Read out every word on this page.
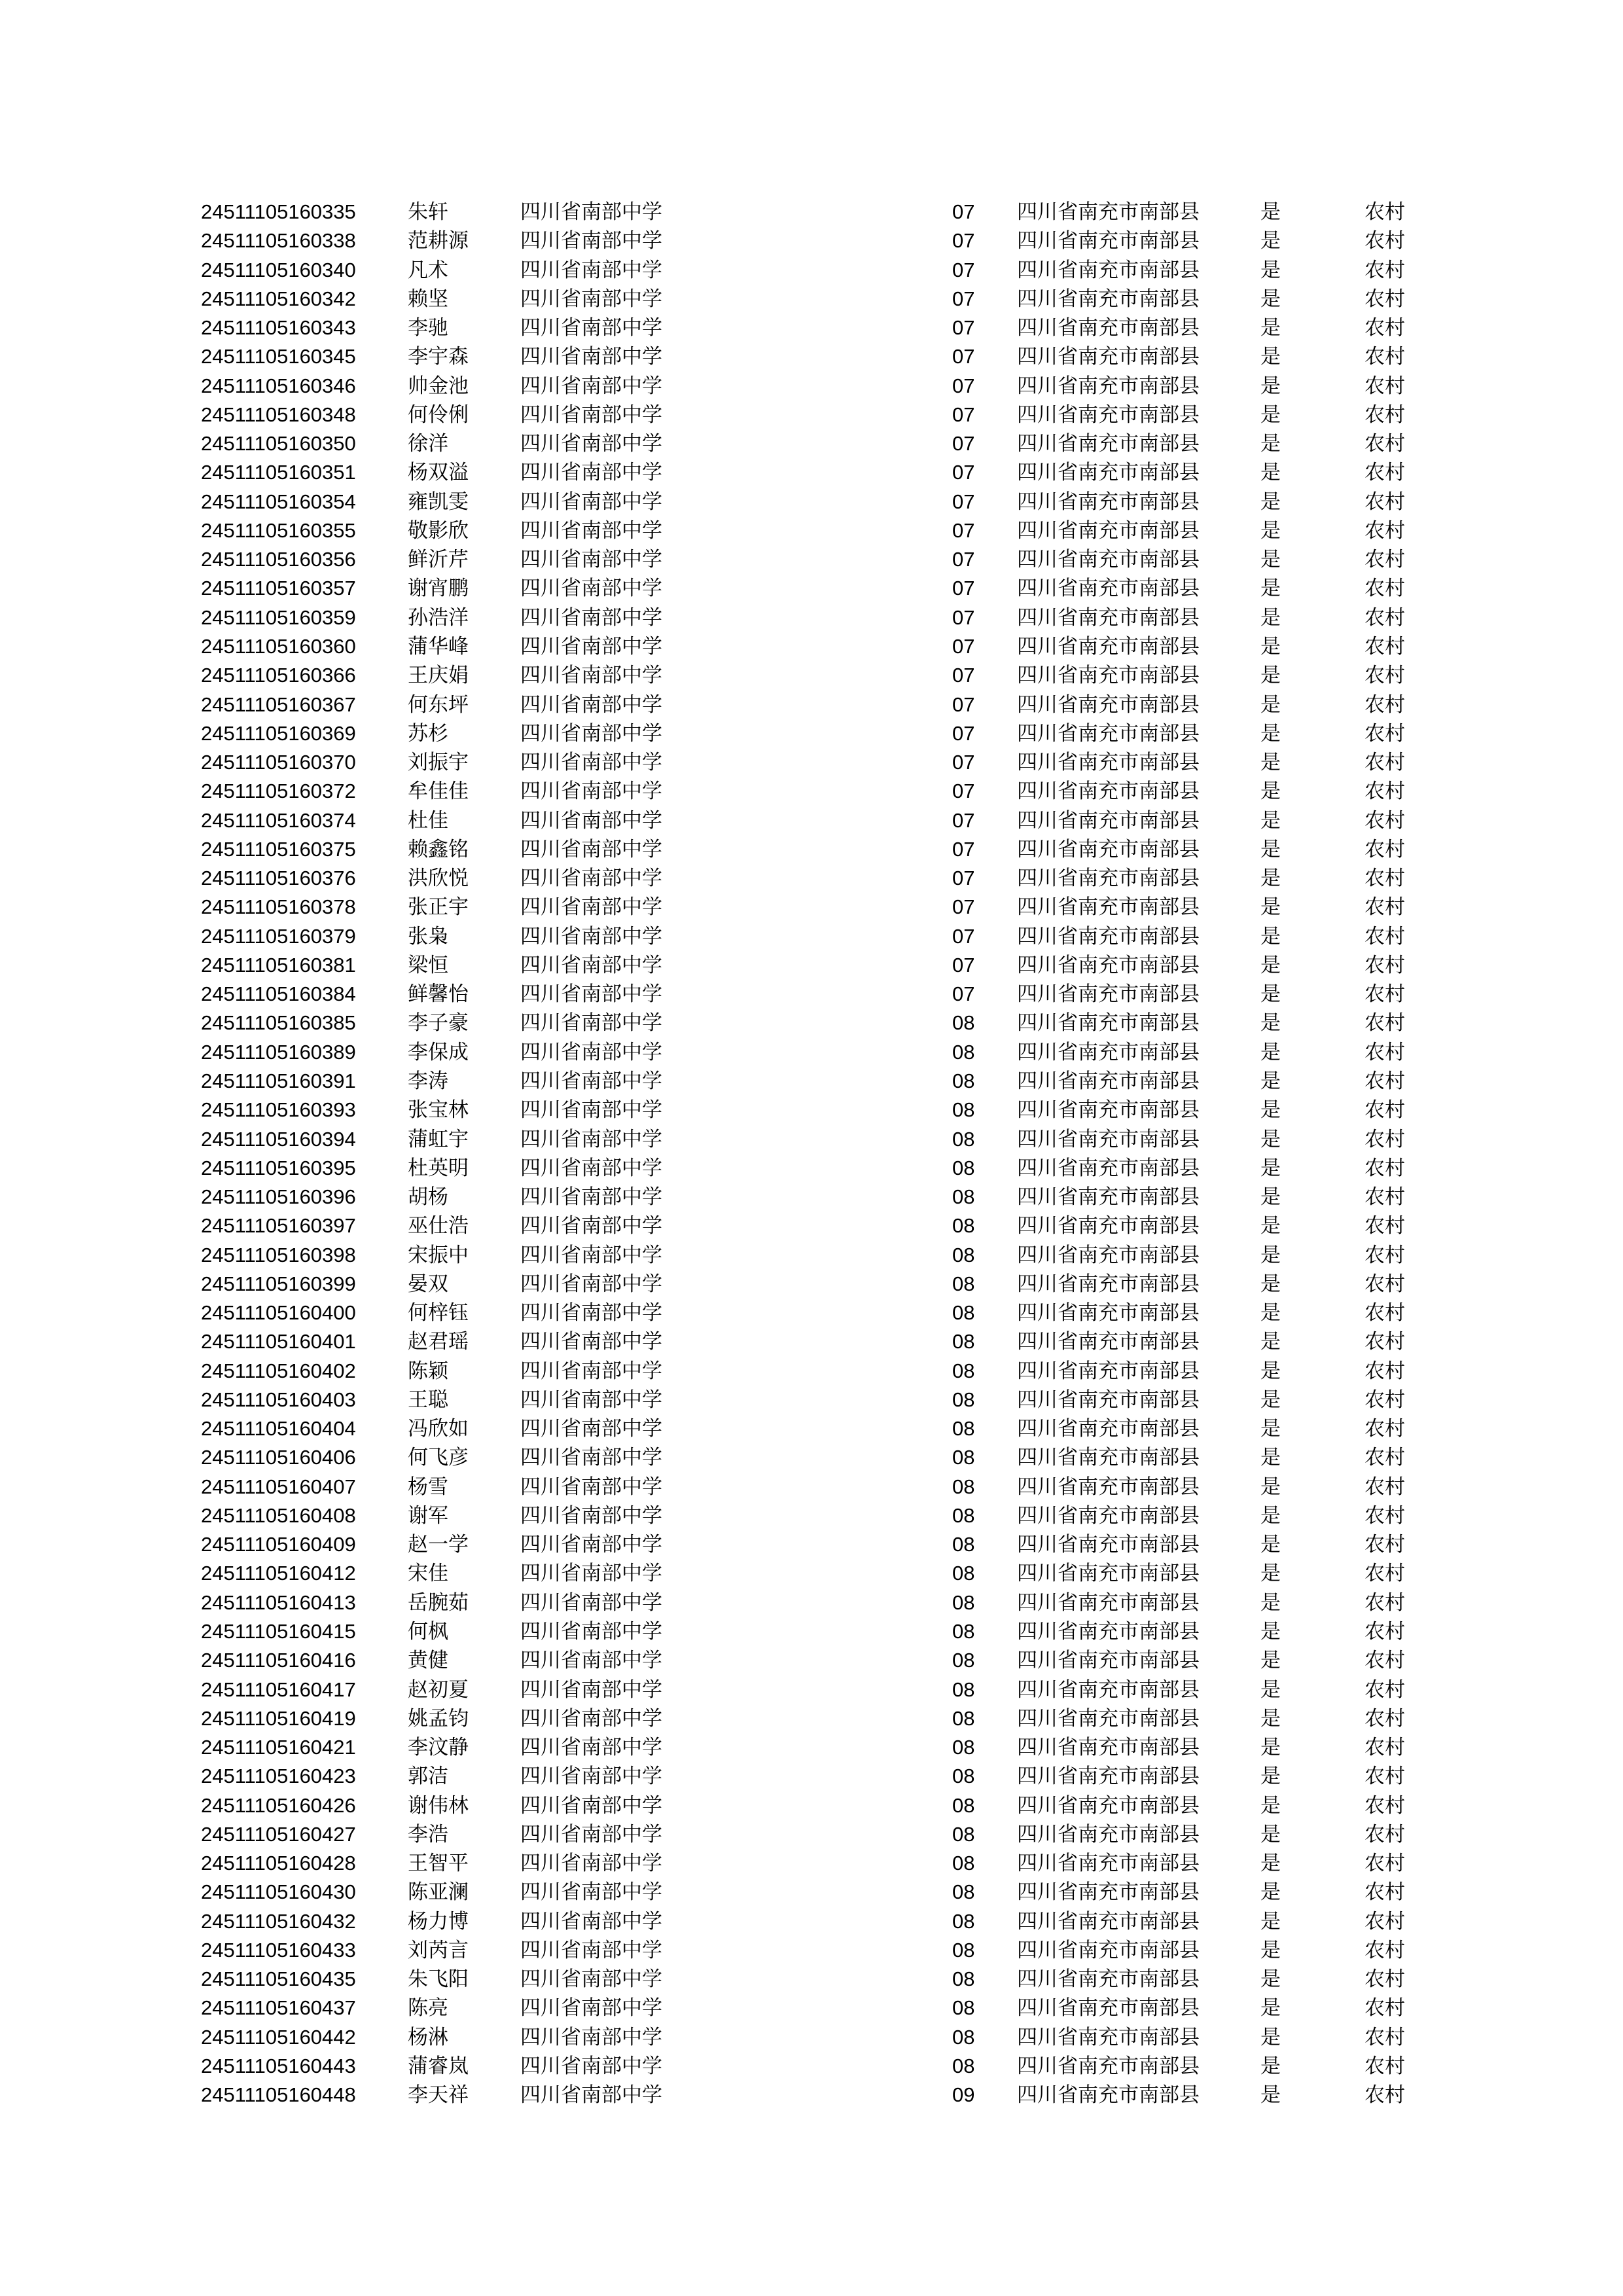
24511105160335	朱轩	四川省南部中学	07 四川省南充市南部县	是	农村
24511105160338	范耕源	四川省南部中学	07 四川省南充市南部县	是	农村
24511105160340	凡术	四川省南部中学	07 四川省南充市南部县	是	农村
24511105160342	赖坚	四川省南部中学	07 四川省南充市南部县	是	农村
24511105160343	李驰	四川省南部中学	07 四川省南充市南部县	是	农村
24511105160345	李宇森	四川省南部中学	07 四川省南充市南部县	是	农村
24511105160346	帅金池	四川省南部中学	07 四川省南充市南部县	是	农村
24511105160348	何伶俐	四川省南部中学	07 四川省南充市南部县	是	农村
24511105160350	徐洋	四川省南部中学	07 四川省南充市南部县	是	农村
24511105160351	杨双溢	四川省南部中学	07 四川省南充市南部县	是	农村
24511105160354	雍凯雯	四川省南部中学	07 四川省南充市南部县	是	农村
24511105160355	敬影欣	四川省南部中学	07 四川省南充市南部县	是	农村
24511105160356	鲜沂芹	四川省南部中学	07 四川省南充市南部县	是	农村
24511105160357	谢宵鹏	四川省南部中学	07 四川省南充市南部县	是	农村
24511105160359	孙浩洋	四川省南部中学	07 四川省南充市南部县	是	农村
24511105160360	蒲华峰	四川省南部中学	07 四川省南充市南部县	是	农村
24511105160366	王庆娟	四川省南部中学	07 四川省南充市南部县	是	农村
24511105160367	何东坪	四川省南部中学	07 四川省南充市南部县	是	农村
24511105160369	苏杉	四川省南部中学	07 四川省南充市南部县	是	农村
24511105160370	刘振宇	四川省南部中学	07 四川省南充市南部县	是	农村
24511105160372	牟佳佳	四川省南部中学	07 四川省南充市南部县	是	农村
24511105160374	杜佳	四川省南部中学	07 四川省南充市南部县	是	农村
24511105160375	赖鑫铭	四川省南部中学	07 四川省南充市南部县	是	农村
24511105160376	洪欣悦	四川省南部中学	07 四川省南充市南部县	是	农村
24511105160378	张正宇	四川省南部中学	07 四川省南充市南部县	是	农村
24511105160379	张枭	四川省南部中学	07 四川省南充市南部县	是	农村
24511105160381	梁恒	四川省南部中学	07 四川省南充市南部县	是	农村
24511105160384	鲜馨怡	四川省南部中学	07 四川省南充市南部县	是	农村
24511105160385	李子豪	四川省南部中学	08 四川省南充市南部县	是	农村
24511105160389	李保成	四川省南部中学	08 四川省南充市南部县	是	农村
24511105160391	李涛	四川省南部中学	08 四川省南充市南部县	是	农村
24511105160393	张宝林	四川省南部中学	08 四川省南充市南部县	是	农村
24511105160394	蒲虹宇	四川省南部中学	08 四川省南充市南部县	是	农村
24511105160395	杜英明	四川省南部中学	08 四川省南充市南部县	是	农村
24511105160396	胡杨	四川省南部中学	08 四川省南充市南部县	是	农村
24511105160397	巫仕浩	四川省南部中学	08 四川省南充市南部县	是	农村
24511105160398	宋振中	四川省南部中学	08 四川省南充市南部县	是	农村
24511105160399	晏双	四川省南部中学	08 四川省南充市南部县	是	农村
24511105160400	何梓钰	四川省南部中学	08 四川省南充市南部县	是	农村
24511105160401	赵君瑶	四川省南部中学	08 四川省南充市南部县	是	农村
24511105160402	陈颖	四川省南部中学	08 四川省南充市南部县	是	农村
24511105160403	王聪	四川省南部中学	08 四川省南充市南部县	是	农村
24511105160404	冯欣如	四川省南部中学	08 四川省南充市南部县	是	农村
24511105160406	何飞彦	四川省南部中学	08 四川省南充市南部县	是	农村
24511105160407	杨雪	四川省南部中学	08 四川省南充市南部县	是	农村
24511105160408	谢军	四川省南部中学	08 四川省南充市南部县	是	农村
24511105160409	赵一学	四川省南部中学	08 四川省南充市南部县	是	农村
24511105160412	宋佳	四川省南部中学	08 四川省南充市南部县	是	农村
24511105160413	岳腕茹	四川省南部中学	08 四川省南充市南部县	是	农村
24511105160415	何枫	四川省南部中学	08 四川省南充市南部县	是	农村
24511105160416	黄健	四川省南部中学	08 四川省南充市南部县	是	农村
24511105160417	赵初夏	四川省南部中学	08 四川省南充市南部县	是	农村
24511105160419	姚孟钧	四川省南部中学	08 四川省南充市南部县	是	农村
24511105160421	李汶静	四川省南部中学	08 四川省南充市南部县	是	农村
24511105160423	郭洁	四川省南部中学	08 四川省南充市南部县	是	农村
24511105160426	谢伟林	四川省南部中学	08 四川省南充市南部县	是	农村
24511105160427	李浩	四川省南部中学	08 四川省南充市南部县	是	农村
24511105160428	王智平	四川省南部中学	08 四川省南充市南部县	是	农村
24511105160430	陈亚澜	四川省南部中学	08 四川省南充市南部县	是	农村
24511105160432	杨力博	四川省南部中学	08 四川省南充市南部县	是	农村
24511105160433	刘芮言	四川省南部中学	08 四川省南充市南部县	是	农村
24511105160435	朱飞阳	四川省南部中学	08 四川省南充市南部县	是	农村
24511105160437	陈亮	四川省南部中学	08 四川省南充市南部县	是	农村
24511105160442	杨淋	四川省南部中学	08 四川省南充市南部县	是	农村
24511105160443	蒲睿岚	四川省南部中学	08 四川省南充市南部县	是	农村
24511105160448	李天祥	四川省南部中学	09 四川省南充市南部县	是	农村
